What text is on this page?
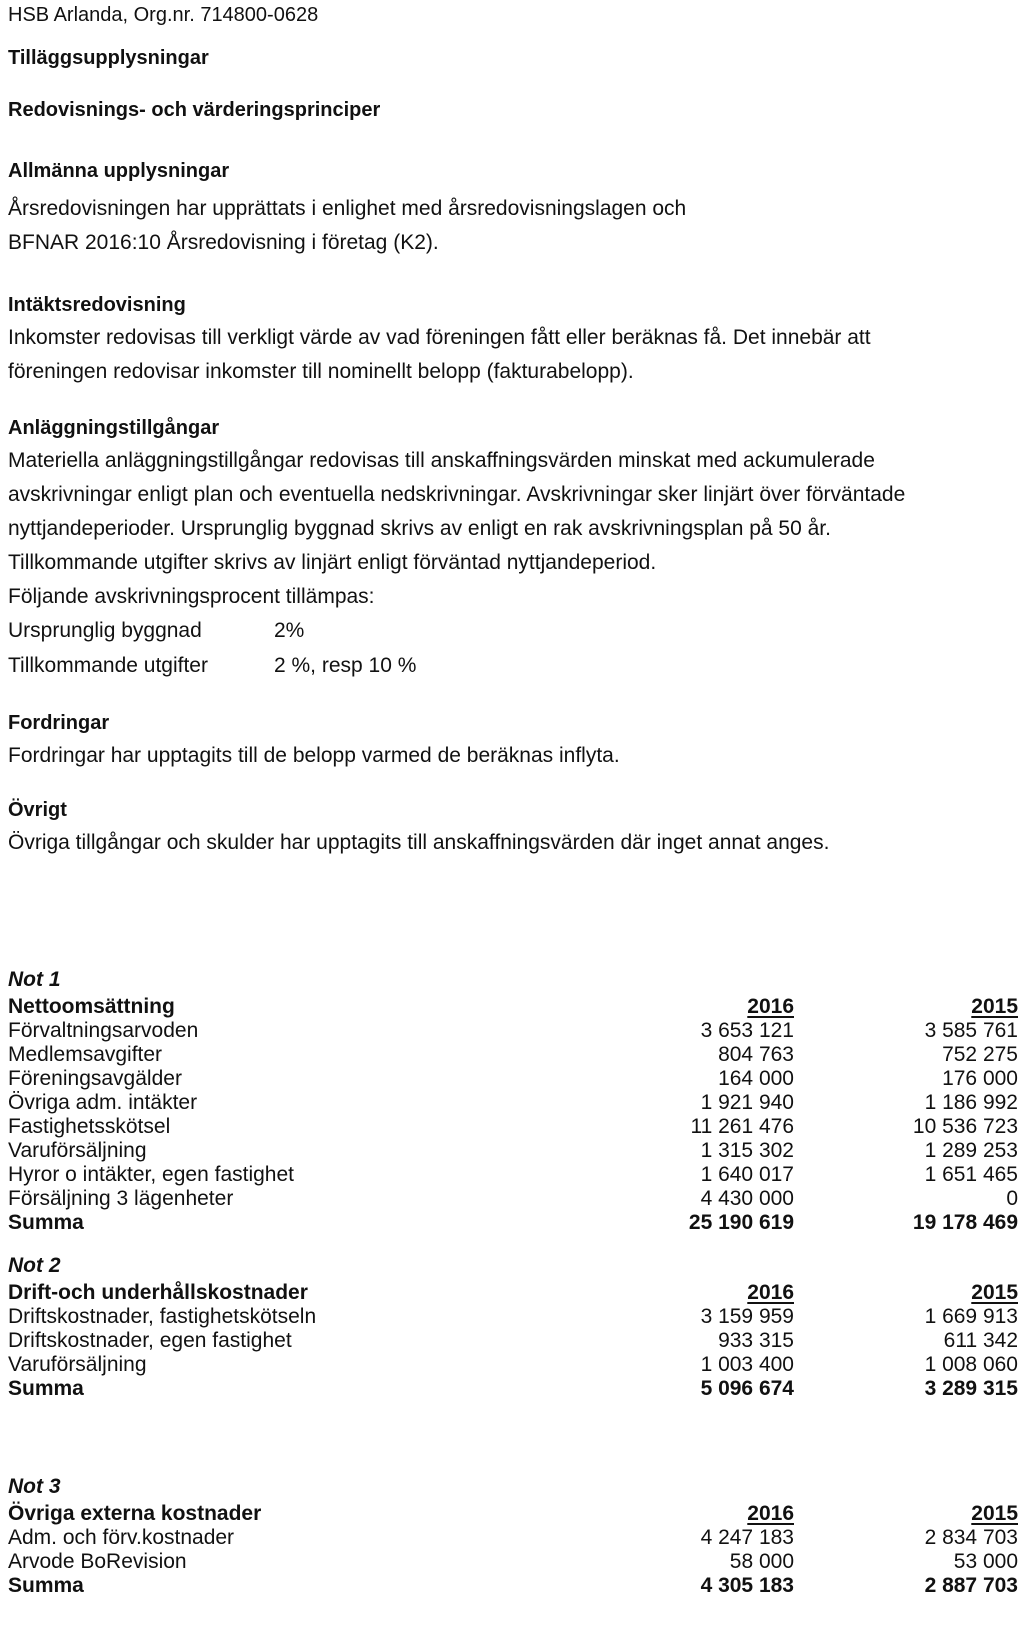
HSB Arlanda, Org.nr. 714800-0628
Tilläggsupplysningar
Redovisnings- och värderingsprinciper
Allmänna upplysningar
Årsredovisningen har upprättats i enlighet med årsredovisningslagen och
BFNAR 2016:10 Årsredovisning i företag (K2).
Intäktsredovisning
Inkomster redovisas till verkligt värde av vad föreningen fått eller beräknas få. Det innebär att
föreningen redovisar inkomster till nominellt belopp (fakturabelopp).
Anläggningstillgångar
Materiella anläggningstillgångar redovisas till anskaffningsvärden minskat med ackumulerade
avskrivningar enligt plan och eventuella nedskrivningar. Avskrivningar sker linjärt över förväntade
nyttjandeperioder. Ursprunglig byggnad skrivs av enligt en rak avskrivningsplan på 50 år.
Tillkommande utgifter skrivs av linjärt enligt förväntad nyttjandeperiod.
Följande avskrivningsprocent tillämpas:
Ursprunglig byggnad	2%
Tillkommande utgifter	2 %, resp 10 %
Fordringar
Fordringar har upptagits till de belopp varmed de beräknas inflyta.
Övrigt
Övriga tillgångar och skulder har upptagits till anskaffningsvärden där inget annat anges.
Not 1
Nettoomsättning	2016	2015
Förvaltningsarvoden	3 653 121	3 585 761
Medlemsavgifter	804 763	752 275
Föreningsavgälder	164 000	176 000
Övriga adm. intäkter	1 921 940	1 186 992
Fastighetsskötsel	11 261 476	10 536 723
Varuförsäljning	1 315 302	1 289 253
Hyror o intäkter, egen fastighet	1 640 017	1 651 465
Försäljning 3 lägenheter	4 430 000	0
Summa	25 190 619	19 178 469
Not 2
Drift-och underhållskostnader	2016	2015
Driftskostnader, fastighetskötseln	3 159 959	1 669 913
Driftskostnader, egen fastighet	933 315	611 342
Varuförsäljning	1 003 400	1 008 060
Summa	5 096 674	3 289 315
Not 3
Övriga externa kostnader	2016	2015
Adm. och förv.kostnader	4 247 183	2 834 703
Arvode BoRevision	58 000	53 000
Summa	4 305 183	2 887 703
